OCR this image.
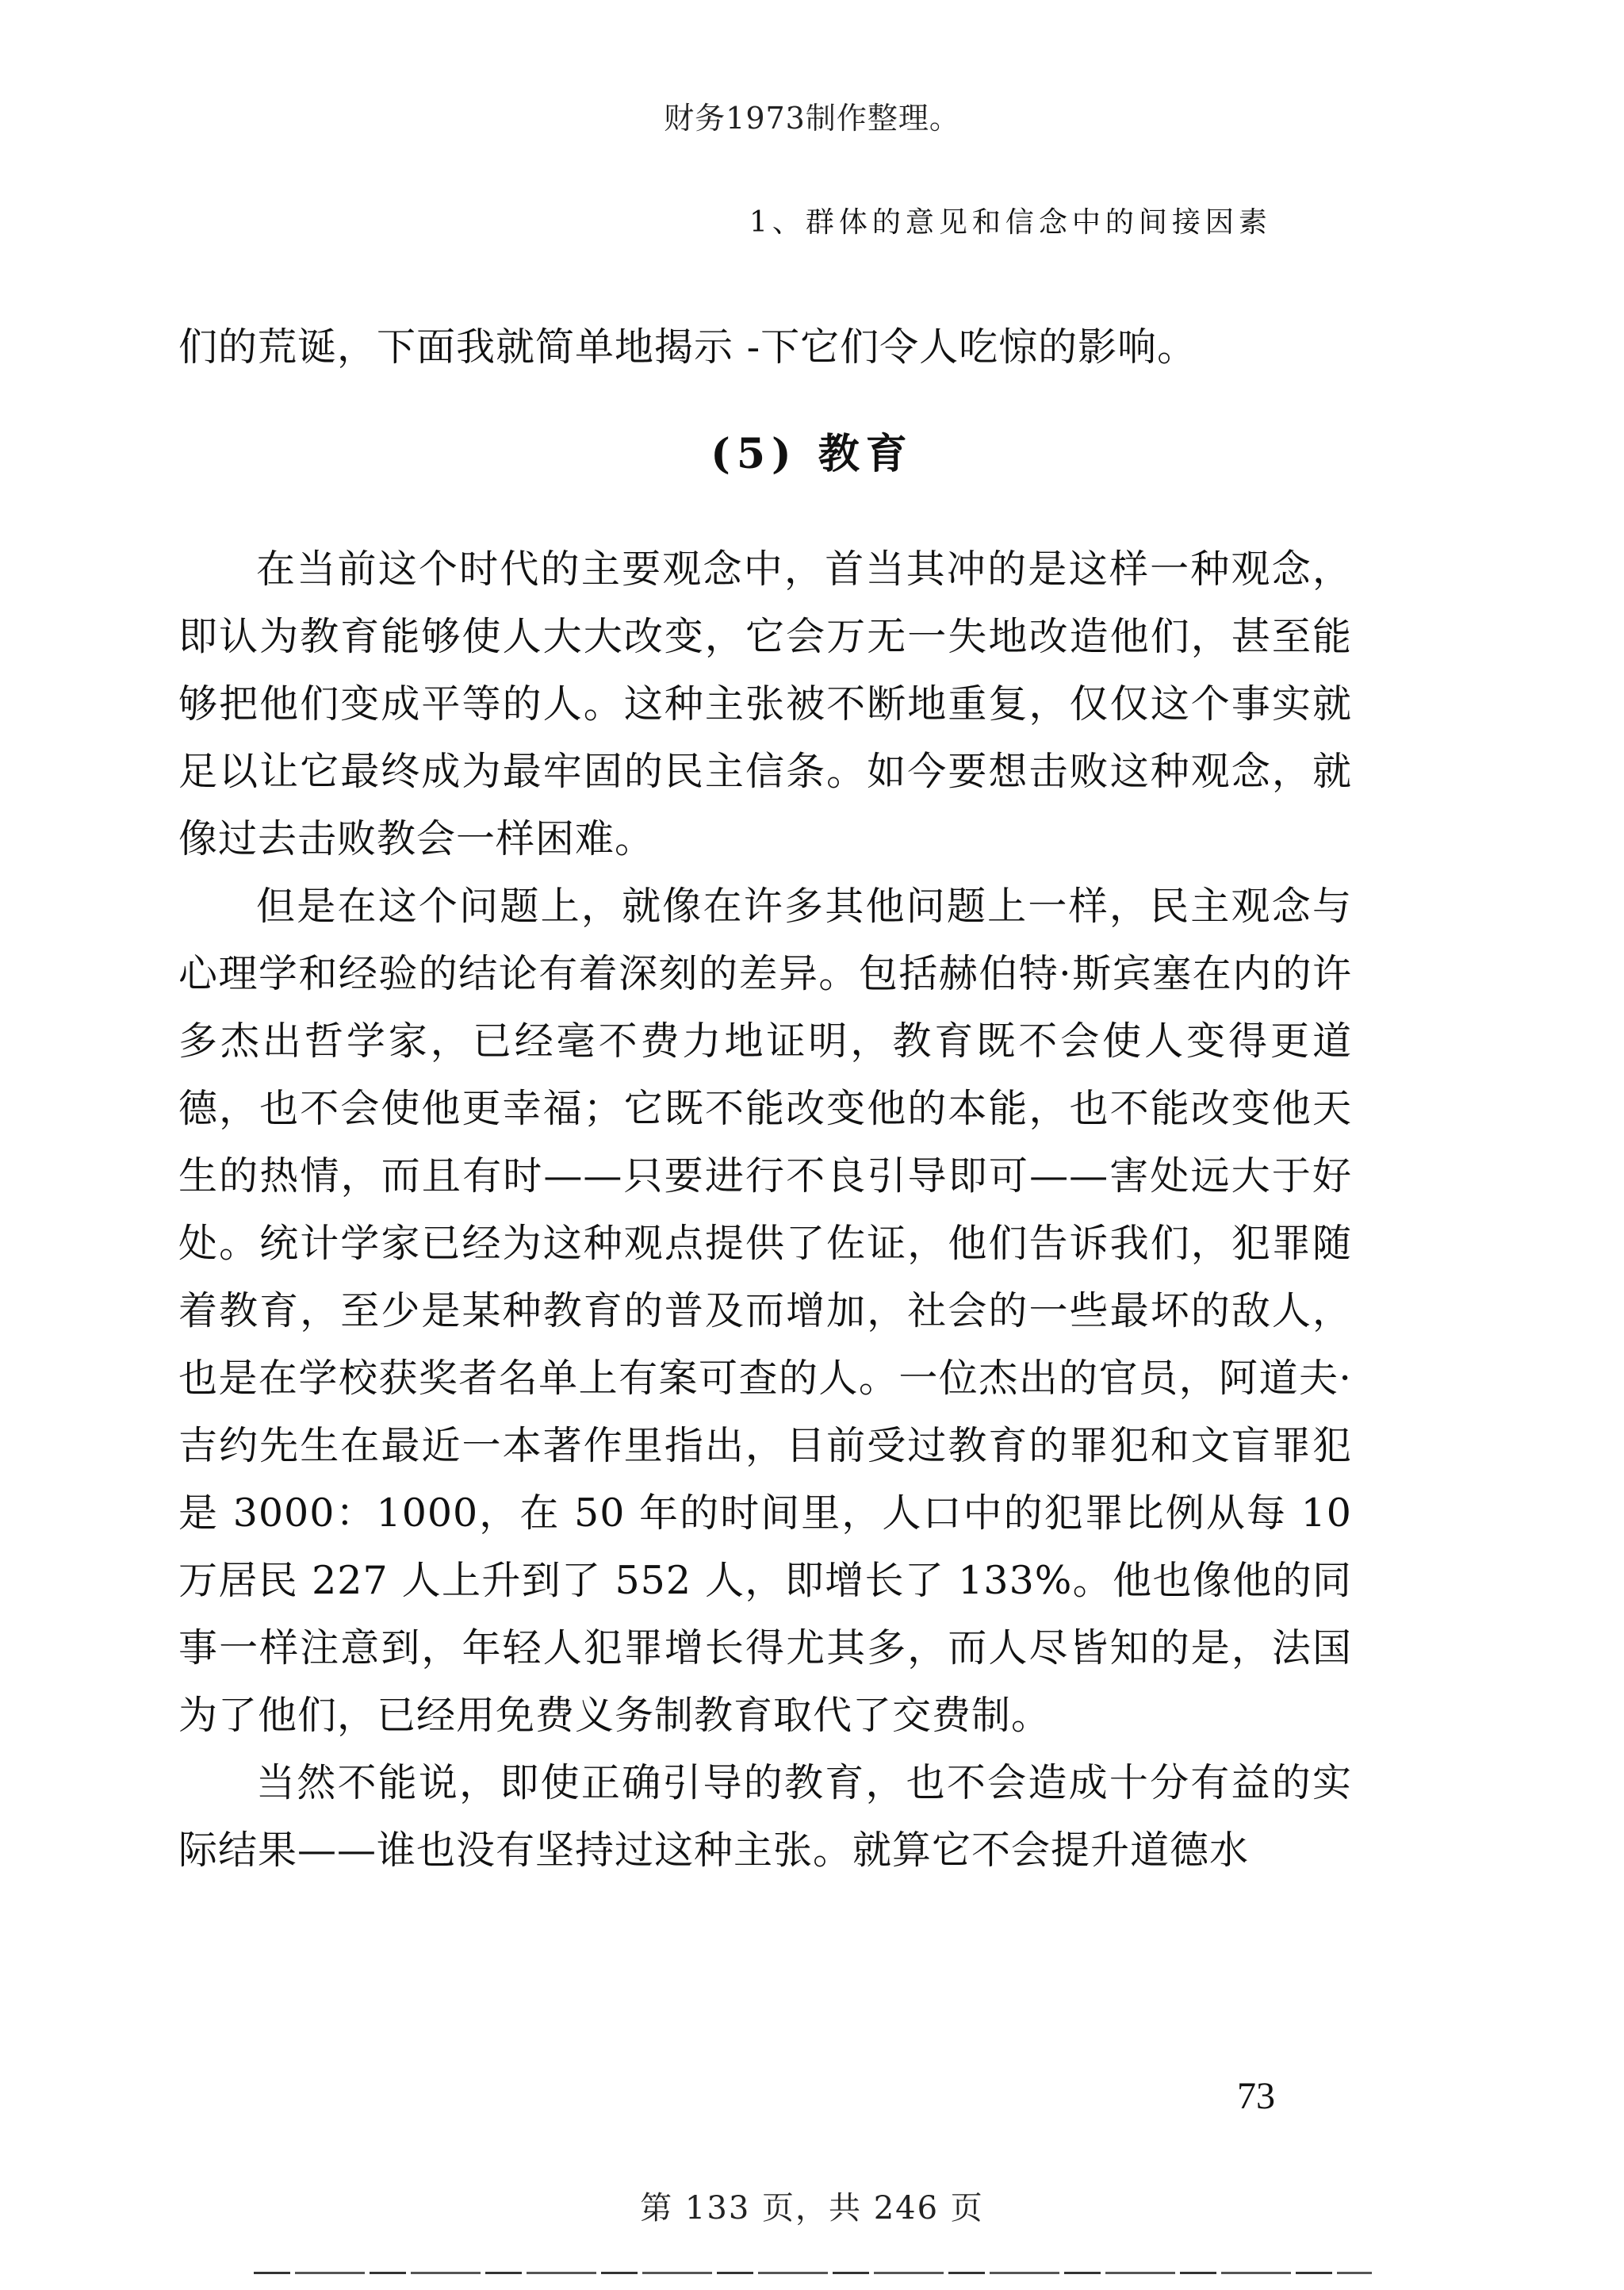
财务1973制作整理。
1、群体的意见和信念中的间接因素
们的荒诞，下面我就简单地揭示 -下它们令人吃惊的影响。
(5) 教育

在当前这个时代的主要观念中，首当其冲的是这样一种观念，即认为教育能够使人大大改变，它会万无一失地改造他们，甚至能够把他们变成平等的人。这种主张被不断地重复，仅仅这个事实就足以让它最终成为最牢固的民主信条。如今要想击败这种观念，就像过去击败教会一样困难。

但是在这个问题上，就像在许多其他问题上一样，民主观念与心理学和经验的结论有着深刻的差异。包括赫伯特·斯宾塞在内的许多杰出哲学家，已经毫不费力地证明，教育既不会使人变得更道德，也不会使他更幸福；它既不能改变他的本能，也不能改变他天生的热情，而且有时——只要进行不良引导即可——害处远大于好处。统计学家已经为这种观点提供了佐证，他们告诉我们，犯罪随着教育，至少是某种教育的普及而增加，社会的一些最坏的敌人，也是在学校获奖者名单上有案可查的人。一位杰出的官员，阿道夫·吉约先生在最近一本著作里指出，目前受过教育的罪犯和文盲罪犯是 3000：1000，在 50 年的时间里，人口中的犯罪比例从每 10 万居民 227 人上升到了 552 人，即增长了 133%。他也像他的同事一样注意到，年轻人犯罪增长得尤其多，而人尽皆知的是，法国为了他们，已经用免费义务制教育取代了交费制。

当然不能说，即使正确引导的教育，也不会造成十分有益的实际结果——谁也没有坚持过这种主张。就算它不会提升道德水

73
第 133 页，共 246 页
